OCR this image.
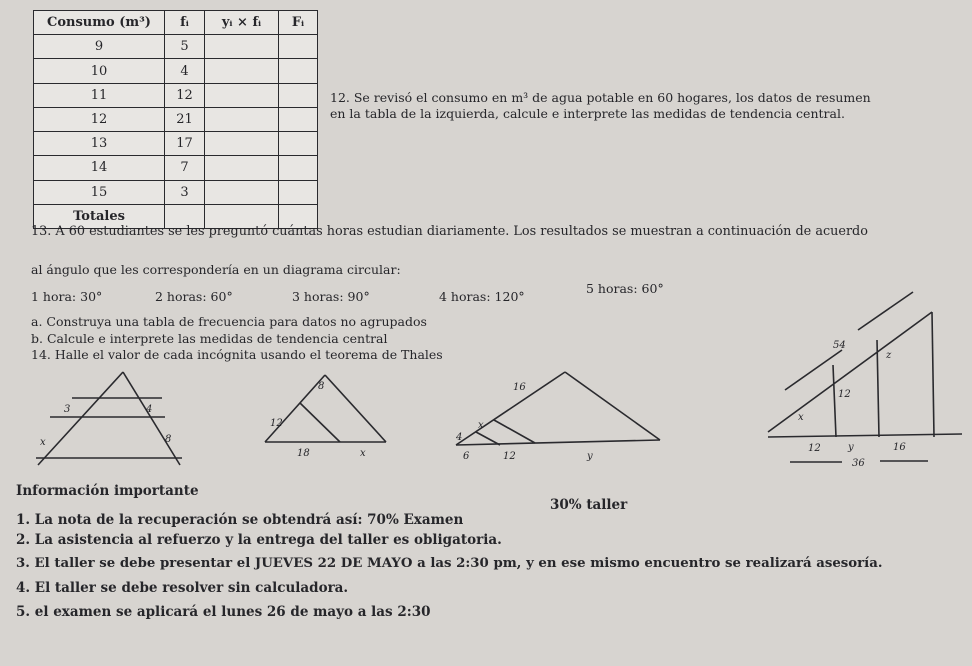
Consumo (m³)	fᵢ	yᵢ × fᵢ	Fᵢ
9	5		
10	4		
11	12		
12	21		
13	17		
14	7		
15	3		
Totales			
12. Se revisó el consumo en m³ de agua potable en 60 hogares, los datos de resumen
en la tabla de la izquierda, calcule e interprete las medidas de tendencia central.
13. A 60 estudiantes se les preguntó cuántas horas estudian diariamente. Los resultados se muestran a continuación de acuerdo
al ángulo que les correspondería en un diagrama circular:
1 hora: 30°	2 horas: 60°	3 horas: 90°	4 horas: 120°
5 horas: 60°
a. Construya una tabla de frecuencia para datos no agrupados
b. Calcule e interprete las medidas de tendencia central
14. Halle el valor de cada incógnita usando el teorema de Thales
3	4
x	8
8
12
18	x
16
x
4
6	12	y
54
z
12
x
12	y	16
36
Información importante
1. La nota de la recuperación se obtendrá así: 70% Examen
30% taller
2. La asistencia al refuerzo y la entrega del taller es obligatoria.
3. El taller se debe presentar el JUEVES 22 DE MAYO a las 2:30 pm, y en ese mismo encuentro se realizará asesoría.
4. El taller se debe resolver sin calculadora.
5. el examen se aplicará el lunes 26 de mayo a las 2:30
